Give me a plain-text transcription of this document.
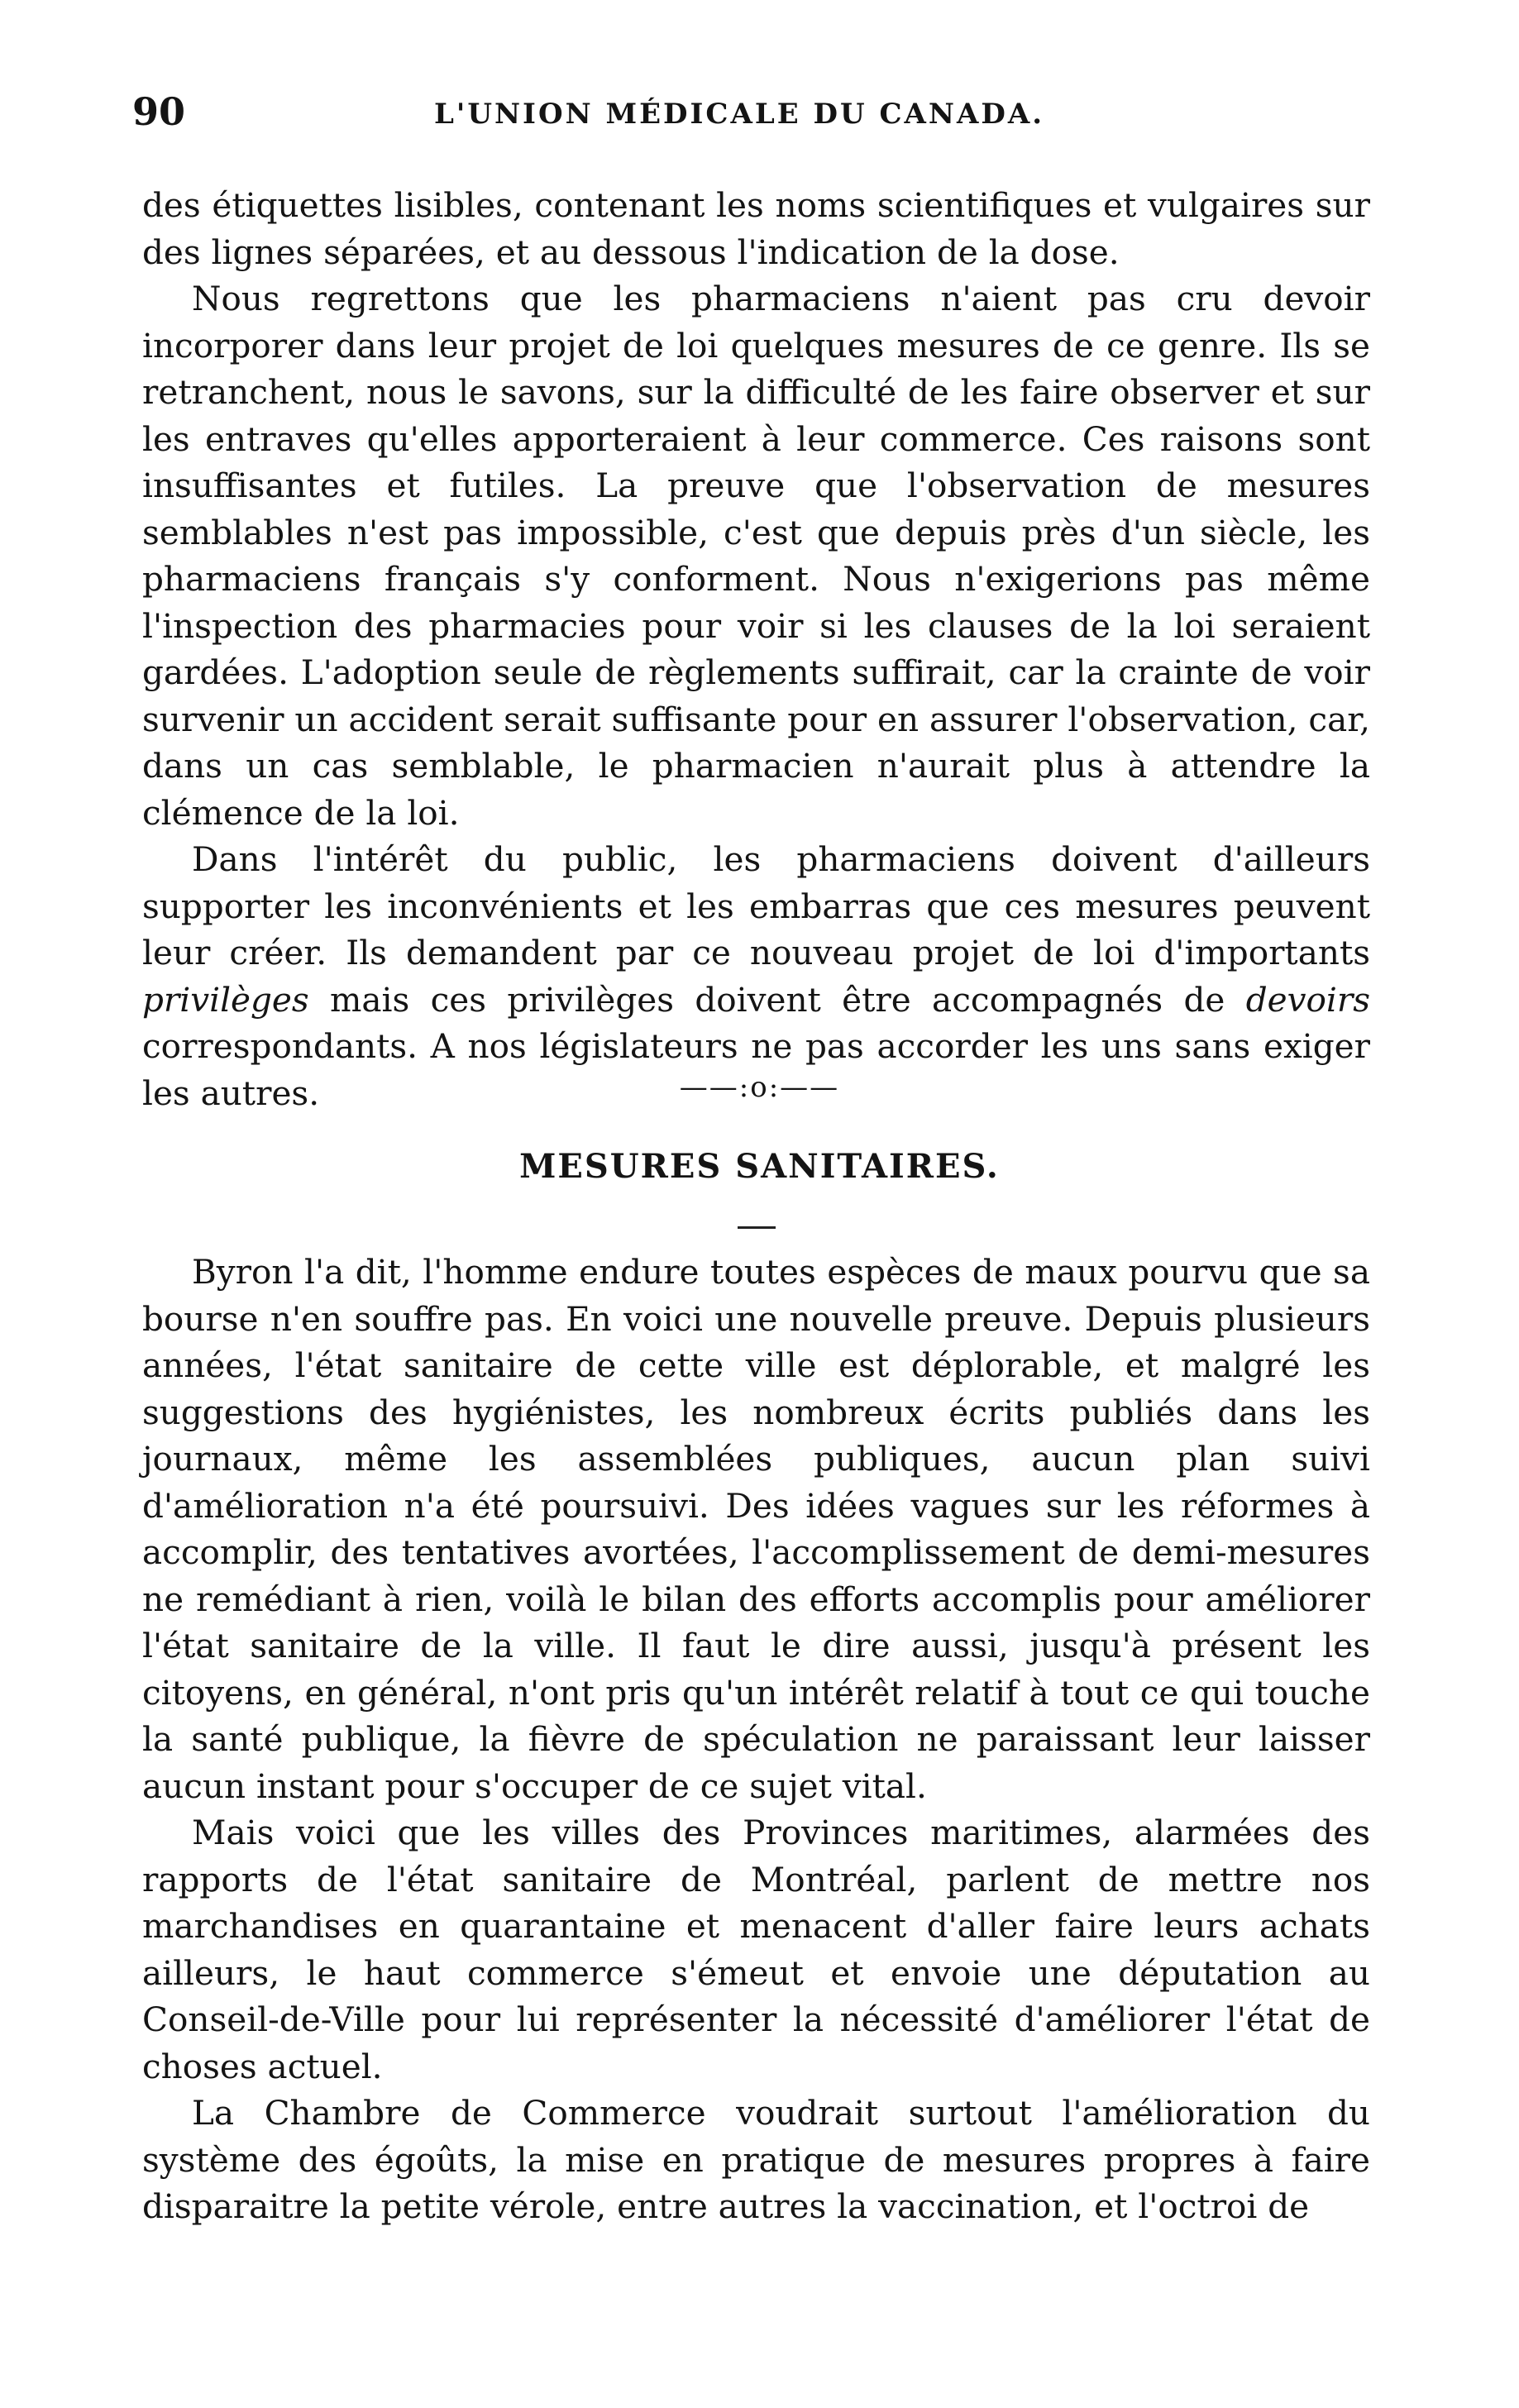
90	L'UNION MÉDICALE DU CANADA.

des étiquettes lisibles, contenant les noms scientifiques et vulgaires sur des lignes séparées, et au dessous l'indication de la dose.

Nous regrettons que les pharmaciens n'aient pas cru devoir incorporer dans leur projet de loi quelques mesures de ce genre. Ils se retranchent, nous le savons, sur la difficulté de les faire observer et sur les entraves qu'elles apporteraient à leur commerce. Ces raisons sont insuffisantes et futiles. La preuve que l'observation de mesures semblables n'est pas impossible, c'est que depuis près d'un siècle, les pharmaciens français s'y conforment. Nous n'exigerions pas même l'inspection des pharmacies pour voir si les clauses de la loi seraient gardées. L'adoption seule de règlements suffirait, car la crainte de voir survenir un accident serait suffisante pour en assurer l'observation, car, dans un cas semblable, le pharmacien n'aurait plus à attendre la clémence de la loi.

Dans l'intérêt du public, les pharmaciens doivent d'ailleurs supporter les inconvénients et les embarras que ces mesures peuvent leur créer. Ils demandent par ce nouveau projet de loi d'importants privilèges mais ces privilèges doivent être accompagnés de devoirs correspondants. A nos législateurs ne pas accorder les uns sans exiger les autres.	——:o:——
MESURES SANITAIRES.

Byron l'a dit, l'homme endure toutes espèces de maux pourvu que sa bourse n'en souffre pas. En voici une nouvelle preuve. Depuis plusieurs années, l'état sanitaire de cette ville est déplorable, et malgré les suggestions des hygiénistes, les nombreux écrits publiés dans les journaux, même les assemblées publiques, aucun plan suivi d'amélioration n'a été poursuivi. Des idées vagues sur les réformes à accomplir, des tentatives avortées, l'accomplissement de demi-mesures ne remédiant à rien, voilà le bilan des efforts accomplis pour améliorer l'état sanitaire de la ville. Il faut le dire aussi, jusqu'à présent les citoyens, en général, n'ont pris qu'un intérêt relatif à tout ce qui touche la santé publique, la fièvre de spéculation ne paraissant leur laisser aucun instant pour s'occuper de ce sujet vital.

Mais voici que les villes des Provinces maritimes, alarmées des rapports de l'état sanitaire de Montréal, parlent de mettre nos marchandises en quarantaine et menacent d'aller faire leurs achats ailleurs, le haut commerce s'émeut et envoie une députation au Conseil-de-Ville pour lui représenter la nécessité d'améliorer l'état de choses actuel.

La Chambre de Commerce voudrait surtout l'amélioration du système des égoûts, la mise en pratique de mesures propres à faire disparaitre la petite vérole, entre autres la vaccination, et l'octroi de
